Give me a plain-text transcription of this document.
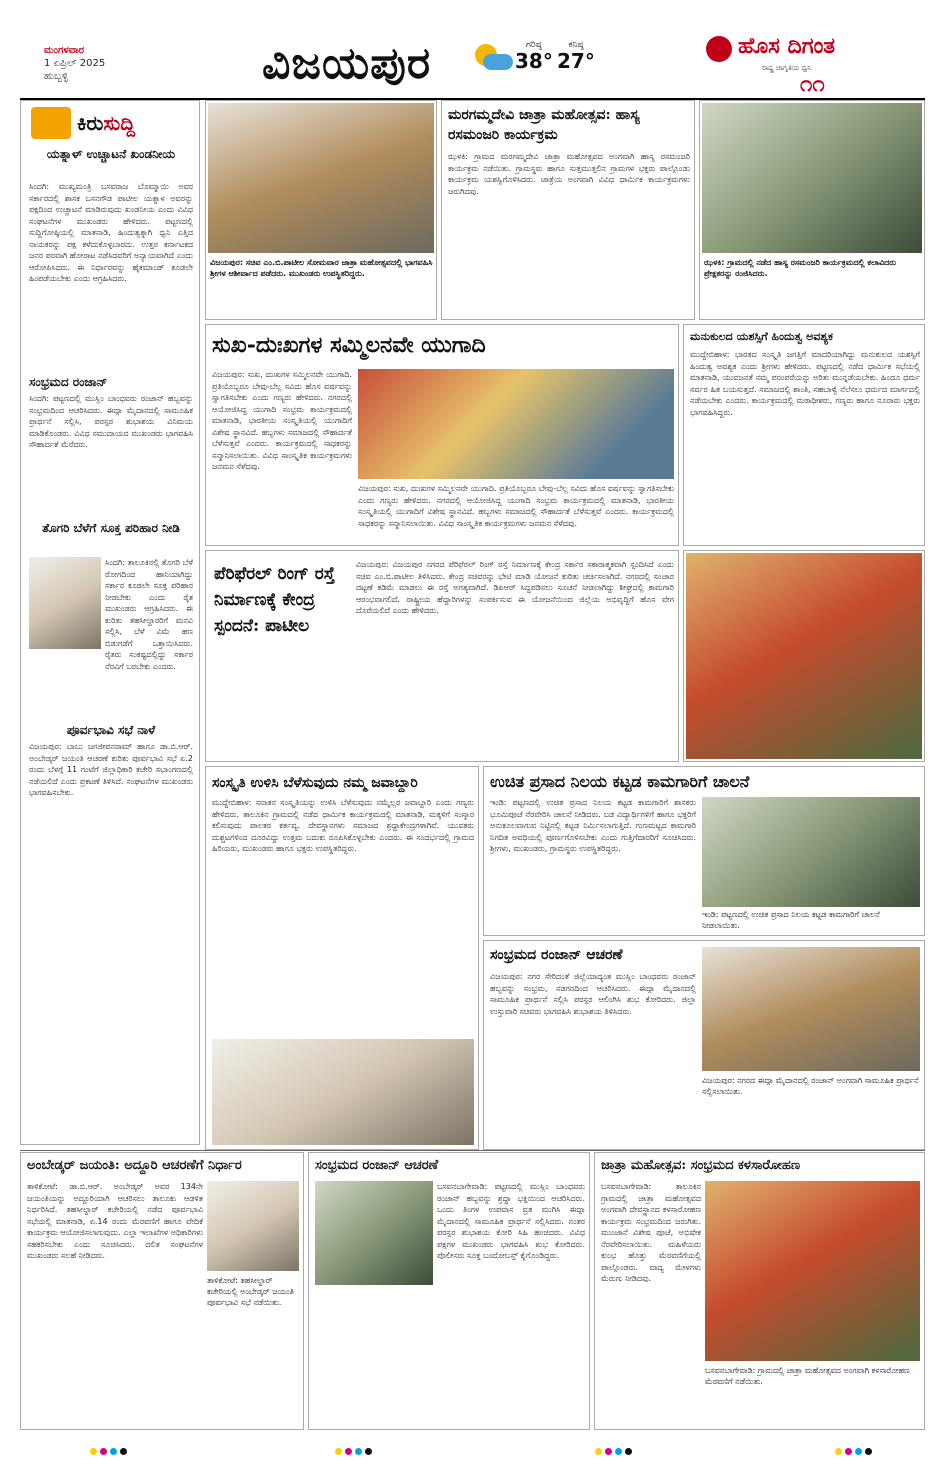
ಮಂಗಳವಾರ
1 ಏಪ್ರಿಲ್ 2025
ಹುಬ್ಬಳ್ಳಿ	ವಿಜಯಪುರ	ಗರಿಷ್ಠ
38°
ಕನಿಷ್ಠ
27°
ಹೊಸ ದಿಗಂತ
ರಾಷ್ಟ್ರ ಜಾಗೃತಿಯ ಧ್ವನಿ
೧೧
ಕಿರುಸುದ್ದಿ
ಯತ್ನಾಳ್ ಉಚ್ಚಾಟನೆ ಖಂಡನೀಯ
ಸಿಂದಗಿ: ಮುಖ್ಯಮಂತ್ರಿ ಬಸವರಾಜ ಬೊಮ್ಮಾಯಿ ಅವರ ಸರ್ಕಾರದಲ್ಲಿ ಶಾಸಕ ಬಸನಗೌಡ ಪಾಟೀಲ ಯತ್ನಾಳ ಅವರನ್ನು ಪಕ್ಷದಿಂದ ಉಚ್ಚಾಟನೆ ಮಾಡಿರುವುದು ಖಂಡನೀಯ ಎಂದು ವಿವಿಧ ಸಂಘಟನೆಗಳ ಮುಖಂಡರು ಹೇಳಿದರು. ಪಟ್ಟಣದಲ್ಲಿ ಸುದ್ದಿಗೋಷ್ಠಿಯಲ್ಲಿ ಮಾತನಾಡಿ, ಹಿಂದುತ್ವಕ್ಕಾಗಿ ಧ್ವನಿ ಎತ್ತಿದ ನಾಯಕರನ್ನು ಪಕ್ಷ ಕಳೆದುಕೊಳ್ಳಬಾರದು. ಉತ್ತರ ಕರ್ನಾಟಕದ ಜನರ ಪರವಾಗಿ ಹೋರಾಟ ನಡೆಸಿದವರಿಗೆ ಅನ್ಯಾಯವಾಗಿದೆ ಎಂದು ಆರೋಪಿಸಿದರು. ಈ ನಿರ್ಧಾರವನ್ನು ಹೈಕಮಾಂಡ್ ಕೂಡಲೇ ಹಿಂಪಡೆಯಬೇಕು ಎಂದು ಆಗ್ರಹಿಸಿದರು.
ಸಂಭ್ರಮದ ರಂಜಾನ್
ಸಿಂದಗಿ: ಪಟ್ಟಣದಲ್ಲಿ ಮುಸ್ಲಿಂ ಬಾಂಧವರು ರಂಜಾನ್ ಹಬ್ಬವನ್ನು ಸಂಭ್ರಮದಿಂದ ಆಚರಿಸಿದರು. ಈದ್ಗಾ ಮೈದಾನದಲ್ಲಿ ಸಾಮೂಹಿಕ ಪ್ರಾರ್ಥನೆ ಸಲ್ಲಿಸಿ, ಪರಸ್ಪರ ಶುಭಾಶಯ ವಿನಿಮಯ ಮಾಡಿಕೊಂಡರು. ವಿವಿಧ ಸಮುದಾಯದ ಮುಖಂಡರು ಭಾಗವಹಿಸಿ ಸೌಹಾರ್ದತೆ ಮೆರೆದರು.
ತೊಗರಿ ಬೆಳೆಗೆ ಸೂಕ್ತ ಪರಿಹಾರ ನೀಡಿ
ಸಿಂದಗಿ: ತಾಲೂಕಿನಲ್ಲಿ ತೊಗರಿ ಬೆಳೆ ರೋಗದಿಂದ ಹಾನಿಯಾಗಿದ್ದು ಸರ್ಕಾರ ಕೂಡಲೇ ಸೂಕ್ತ ಪರಿಹಾರ ನೀಡಬೇಕು ಎಂದು ರೈತ ಮುಖಂಡರು ಆಗ್ರಹಿಸಿದರು. ಈ ಕುರಿತು ತಹಸೀಲ್ದಾರರಿಗೆ ಮನವಿ ಸಲ್ಲಿಸಿ, ಬೆಳೆ ವಿಮೆ ಹಣ ಬಿಡುಗಡೆಗೆ ಒತ್ತಾಯಿಸಿದರು. ರೈತರು ಸಂಕಷ್ಟದಲ್ಲಿದ್ದು ಸರ್ಕಾರ ನೆರವಿಗೆ ಬರಬೇಕು ಎಂದರು.
ಪೂರ್ವಭಾವಿ ಸಭೆ ನಾಳೆ
ವಿಜಯಪುರ: ಬಾಬು ಜಗಜೀವನರಾಮ್ ಹಾಗೂ ಡಾ.ಬಿ.ಆರ್. ಅಂಬೇಡ್ಕರ್ ಜಯಂತಿ ಆಚರಣೆ ಕುರಿತು ಪೂರ್ವಭಾವಿ ಸಭೆ ಏ.2 ರಂದು ಬೆಳಗ್ಗೆ 11 ಗಂಟೆಗೆ ಜಿಲ್ಲಾಧಿಕಾರಿ ಕಚೇರಿ ಸಭಾಂಗಣದಲ್ಲಿ ನಡೆಯಲಿದೆ ಎಂದು ಪ್ರಕಟಣೆ ತಿಳಿಸಿದೆ. ಸಂಘಟನೆಗಳ ಮುಖಂಡರು ಭಾಗವಹಿಸಬೇಕು.
ವಿಜಯಪುರ: ಸಚಿವ ಎಂ.ಬಿ.ಪಾಟೀಲ ಸೋಮವಾರ ಜಾತ್ರಾ ಮಹೋತ್ಸವದಲ್ಲಿ ಭಾಗವಹಿಸಿ ಶ್ರೀಗಳ ಆಶೀರ್ವಾದ ಪಡೆದರು. ಮುಖಂಡರು ಉಪಸ್ಥಿತರಿದ್ದರು.
ಮರಗಮ್ಮದೇವಿ ಜಾತ್ರಾ ಮಹೋತ್ಸವ: ಹಾಸ್ಯ ರಸಮಂಜರಿ ಕಾರ್ಯಕ್ರಮ
ಝಳಕಿ: ಗ್ರಾಮದ ಮರಗಮ್ಮದೇವಿ ಜಾತ್ರಾ ಮಹೋತ್ಸವದ ಅಂಗವಾಗಿ ಹಾಸ್ಯ ರಸಮಂಜರಿ ಕಾರ್ಯಕ್ರಮ ನಡೆಯಿತು. ಗ್ರಾಮಸ್ಥರು ಹಾಗೂ ಸುತ್ತಮುತ್ತಲಿನ ಗ್ರಾಮಗಳ ಭಕ್ತರು ಪಾಲ್ಗೊಂಡು ಕಾರ್ಯಕ್ರಮ ಯಶಸ್ವಿಗೊಳಿಸಿದರು. ಜಾತ್ರೆಯ ಅಂಗವಾಗಿ ವಿವಿಧ ಧಾರ್ಮಿಕ ಕಾರ್ಯಕ್ರಮಗಳು ಜರುಗಿದವು.
ಝಳಕಿ: ಗ್ರಾಮದಲ್ಲಿ ನಡೆದ ಹಾಸ್ಯ ರಸಮಂಜರಿ ಕಾರ್ಯಕ್ರಮದಲ್ಲಿ ಕಲಾವಿದರು ಪ್ರೇಕ್ಷಕರನ್ನು ರಂಜಿಸಿದರು.
ಸುಖ-ದುಃಖಗಳ ಸಮ್ಮಿಲನವೇ ಯುಗಾದಿ
ವಿಜಯಪುರ: ಸುಖ, ದುಃಖಗಳ ಸಮ್ಮಿಲನವೇ ಯುಗಾದಿ. ಪ್ರತಿಯೊಬ್ಬರೂ ಬೇವು-ಬೆಲ್ಲ ಸವಿದು ಹೊಸ ವರ್ಷವನ್ನು ಸ್ವಾಗತಿಸಬೇಕು ಎಂದು ಗಣ್ಯರು ಹೇಳಿದರು. ನಗರದಲ್ಲಿ ಆಯೋಜಿಸಿದ್ದ ಯುಗಾದಿ ಸಂಭ್ರಮ ಕಾರ್ಯಕ್ರಮದಲ್ಲಿ ಮಾತನಾಡಿ, ಭಾರತೀಯ ಸಂಸ್ಕೃತಿಯಲ್ಲಿ ಯುಗಾದಿಗೆ ವಿಶೇಷ ಸ್ಥಾನವಿದೆ. ಹಬ್ಬಗಳು ಸಮಾಜದಲ್ಲಿ ಸೌಹಾರ್ದತೆ ಬೆಳೆಸುತ್ತವೆ ಎಂದರು. ಕಾರ್ಯಕ್ರಮದಲ್ಲಿ ಸಾಧಕರನ್ನು ಸನ್ಮಾನಿಸಲಾಯಿತು. ವಿವಿಧ ಸಾಂಸ್ಕೃತಿಕ ಕಾರ್ಯಕ್ರಮಗಳು ಜನಮನ ಸೆಳೆದವು.
ವಿಜಯಪುರ: ಸುಖ, ದುಃಖಗಳ ಸಮ್ಮಿಲನವೇ ಯುಗಾದಿ. ಪ್ರತಿಯೊಬ್ಬರೂ ಬೇವು-ಬೆಲ್ಲ ಸವಿದು ಹೊಸ ವರ್ಷವನ್ನು ಸ್ವಾಗತಿಸಬೇಕು ಎಂದು ಗಣ್ಯರು ಹೇಳಿದರು. ನಗರದಲ್ಲಿ ಆಯೋಜಿಸಿದ್ದ ಯುಗಾದಿ ಸಂಭ್ರಮ ಕಾರ್ಯಕ್ರಮದಲ್ಲಿ ಮಾತನಾಡಿ, ಭಾರತೀಯ ಸಂಸ್ಕೃತಿಯಲ್ಲಿ ಯುಗಾದಿಗೆ ವಿಶೇಷ ಸ್ಥಾನವಿದೆ. ಹಬ್ಬಗಳು ಸಮಾಜದಲ್ಲಿ ಸೌಹಾರ್ದತೆ ಬೆಳೆಸುತ್ತವೆ ಎಂದರು. ಕಾರ್ಯಕ್ರಮದಲ್ಲಿ ಸಾಧಕರನ್ನು ಸನ್ಮಾನಿಸಲಾಯಿತು. ವಿವಿಧ ಸಾಂಸ್ಕೃತಿಕ ಕಾರ್ಯಕ್ರಮಗಳು ಜನಮನ ಸೆಳೆದವು.
ಮನುಕುಲದ ಯಶಸ್ಸಿಗೆ ಹಿಂದುತ್ವ ಅವಶ್ಯಕ
ಮುದ್ದೇಬಿಹಾಳ: ಭಾರತದ ಸಂಸ್ಕೃತಿ ಜಗತ್ತಿಗೆ ಮಾದರಿಯಾಗಿದ್ದು ಮನುಕುಲದ ಯಶಸ್ಸಿಗೆ ಹಿಂದುತ್ವ ಅವಶ್ಯಕ ಎಂದು ಶ್ರೀಗಳು ಹೇಳಿದರು. ಪಟ್ಟಣದಲ್ಲಿ ನಡೆದ ಧಾರ್ಮಿಕ ಸಭೆಯಲ್ಲಿ ಮಾತನಾಡಿ, ಯುವಜನತೆ ನಮ್ಮ ಪರಂಪರೆಯನ್ನು ಅರಿತು ಮುನ್ನಡೆಯಬೇಕು. ಹಿಂದೂ ಧರ್ಮ ಸರ್ವರ ಹಿತ ಬಯಸುತ್ತದೆ. ಸಮಾಜದಲ್ಲಿ ಶಾಂತಿ, ಸಹಬಾಳ್ವೆ ನೆಲೆಸಲು ಧರ್ಮದ ಮಾರ್ಗದಲ್ಲಿ ನಡೆಯಬೇಕು ಎಂದರು. ಕಾರ್ಯಕ್ರಮದಲ್ಲಿ ಮಠಾಧೀಶರು, ಗಣ್ಯರು ಹಾಗೂ ನೂರಾರು ಭಕ್ತರು ಭಾಗವಹಿಸಿದ್ದರು.
ಪೆರಿಫೆರಲ್ ರಿಂಗ್ ರಸ್ತೆ ನಿರ್ಮಾಣಕ್ಕೆ ಕೇಂದ್ರ ಸ್ಪಂದನೆ: ಪಾಟೀಲ
ವಿಜಯಪುರ: ವಿಜಯಪುರ ನಗರದ ಪೆರಿಫೆರಲ್ ರಿಂಗ್ ರಸ್ತೆ ನಿರ್ಮಾಣಕ್ಕೆ ಕೇಂದ್ರ ಸರ್ಕಾರ ಸಕಾರಾತ್ಮಕವಾಗಿ ಸ್ಪಂದಿಸಿದೆ ಎಂದು ಸಚಿವ ಎಂ.ಬಿ.ಪಾಟೀಲ ತಿಳಿಸಿದರು. ಕೇಂದ್ರ ಸಚಿವರನ್ನು ಭೇಟಿ ಮಾಡಿ ಯೋಜನೆ ಕುರಿತು ಚರ್ಚಿಸಲಾಗಿದೆ. ನಗರದಲ್ಲಿ ಸಂಚಾರ ದಟ್ಟಣೆ ಕಡಿಮೆ ಮಾಡಲು ಈ ರಸ್ತೆ ಅಗತ್ಯವಾಗಿದೆ. ಡಿಪಿಆರ್ ಸಿದ್ಧಪಡಿಸಲು ಸೂಚನೆ ನೀಡಲಾಗಿದ್ದು ಶೀಘ್ರದಲ್ಲಿ ಕಾಮಗಾರಿ ಆರಂಭವಾಗಲಿದೆ. ರಾಷ್ಟ್ರೀಯ ಹೆದ್ದಾರಿಗಳನ್ನು ಸಂಪರ್ಕಿಸುವ ಈ ಯೋಜನೆಯಿಂದ ಜಿಲ್ಲೆಯ ಅಭಿವೃದ್ಧಿಗೆ ಹೊಸ ವೇಗ ದೊರೆಯಲಿದೆ ಎಂದು ಹೇಳಿದರು.
ಸಂಸ್ಕೃತಿ ಉಳಿಸಿ ಬೆಳೆಸುವುದು ನಮ್ಮ ಜವಾಬ್ದಾರಿ
ಮುದ್ದೇಬಿಹಾಳ: ಸನಾತನ ಸಂಸ್ಕೃತಿಯನ್ನು ಉಳಿಸಿ ಬೆಳೆಸುವುದು ನಮ್ಮೆಲ್ಲರ ಜವಾಬ್ದಾರಿ ಎಂದು ಗಣ್ಯರು ಹೇಳಿದರು. ತಾಲೂಕಿನ ಗ್ರಾಮದಲ್ಲಿ ನಡೆದ ಧಾರ್ಮಿಕ ಕಾರ್ಯಕ್ರಮದಲ್ಲಿ ಮಾತನಾಡಿ, ಮಕ್ಕಳಿಗೆ ಸಂಸ್ಕಾರ ಕಲಿಸುವುದು ಪಾಲಕರ ಕರ್ತವ್ಯ. ದೇವಸ್ಥಾನಗಳು ಸಮಾಜದ ಶ್ರದ್ಧಾಕೇಂದ್ರಗಳಾಗಿವೆ. ಯುವಕರು ದುಶ್ಚಟಗಳಿಂದ ದೂರವಿದ್ದು ಉತ್ತಮ ಬದುಕು ರೂಪಿಸಿಕೊಳ್ಳಬೇಕು ಎಂದರು. ಈ ಸಂದರ್ಭದಲ್ಲಿ ಗ್ರಾಮದ ಹಿರಿಯರು, ಮುಖಂಡರು ಹಾಗೂ ಭಕ್ತರು ಉಪಸ್ಥಿತರಿದ್ದರು.
ಉಚಿತ ಪ್ರಸಾದ ನಿಲಯ ಕಟ್ಟಡ ಕಾಮಗಾರಿಗೆ ಚಾಲನೆ
ಇಂಡಿ: ಪಟ್ಟಣದಲ್ಲಿ ಉಚಿತ ಪ್ರಸಾದ ನಿಲಯ ಕಟ್ಟಡ ಕಾಮಗಾರಿಗೆ ಶಾಸಕರು ಭೂಮಿಪೂಜೆ ನೆರವೇರಿಸಿ ಚಾಲನೆ ನೀಡಿದರು. ಬಡ ವಿದ್ಯಾರ್ಥಿಗಳಿಗೆ ಹಾಗೂ ಭಕ್ತರಿಗೆ ಅನುಕೂಲವಾಗುವ ನಿಟ್ಟಿನಲ್ಲಿ ಕಟ್ಟಡ ನಿರ್ಮಿಸಲಾಗುತ್ತಿದೆ. ಗುಣಮಟ್ಟದ ಕಾಮಗಾರಿ ನಿಗದಿತ ಅವಧಿಯಲ್ಲಿ ಪೂರ್ಣಗೊಳಿಸಬೇಕು ಎಂದು ಗುತ್ತಿಗೆದಾರರಿಗೆ ಸೂಚಿಸಿದರು. ಶ್ರೀಗಳು, ಮುಖಂಡರು, ಗ್ರಾಮಸ್ಥರು ಉಪಸ್ಥಿತರಿದ್ದರು.
ಇಂಡಿ: ಪಟ್ಟಣದಲ್ಲಿ ಉಚಿತ ಪ್ರಸಾದ ನಿಲಯ ಕಟ್ಟಡ ಕಾಮಗಾರಿಗೆ ಚಾಲನೆ ನೀಡಲಾಯಿತು.
ಸಂಭ್ರಮದ ರಂಜಾನ್ ಆಚರಣೆ
ವಿಜಯಪುರ: ನಗರ ಸೇರಿದಂತೆ ಜಿಲ್ಲೆಯಾದ್ಯಂತ ಮುಸ್ಲಿಂ ಬಾಂಧವರು ರಂಜಾನ್ ಹಬ್ಬವನ್ನು ಸಂಭ್ರಮ, ಸಡಗರದಿಂದ ಆಚರಿಸಿದರು. ಈದ್ಗಾ ಮೈದಾನದಲ್ಲಿ ಸಾಮೂಹಿಕ ಪ್ರಾರ್ಥನೆ ಸಲ್ಲಿಸಿ ಪರಸ್ಪರ ಆಲಿಂಗಿಸಿ ಶುಭ ಕೋರಿದರು. ಜಿಲ್ಲಾ ಉಸ್ತುವಾರಿ ಸಚಿವರು ಭಾಗವಹಿಸಿ ಶುಭಾಶಯ ತಿಳಿಸಿದರು.
ವಿಜಯಪುರ: ನಗರದ ಈದ್ಗಾ ಮೈದಾನದಲ್ಲಿ ರಂಜಾನ್ ಅಂಗವಾಗಿ ಸಾಮೂಹಿಕ ಪ್ರಾರ್ಥನೆ ಸಲ್ಲಿಸಲಾಯಿತು.
ಅಂಬೇಡ್ಕರ್ ಜಯಂತಿ: ಅದ್ದೂರಿ ಆಚರಣೆಗೆ ನಿರ್ಧಾರ
ತಾಳಿಕೋಟೆ: ಡಾ.ಬಿ.ಆರ್. ಅಂಬೇಡ್ಕರ್ ಅವರ 134ನೇ ಜಯಂತಿಯನ್ನು ಅದ್ದೂರಿಯಾಗಿ ಆಚರಿಸಲು ತಾಲೂಕು ಆಡಳಿತ ನಿರ್ಧರಿಸಿದೆ. ತಹಸೀಲ್ದಾರ್ ಕಚೇರಿಯಲ್ಲಿ ನಡೆದ ಪೂರ್ವಭಾವಿ ಸಭೆಯಲ್ಲಿ ಮಾತನಾಡಿ, ಏ.14 ರಂದು ಮೆರವಣಿಗೆ ಹಾಗೂ ವೇದಿಕೆ ಕಾರ್ಯಕ್ರಮ ಆಯೋಜಿಸಲಾಗುವುದು. ಎಲ್ಲಾ ಇಲಾಖೆಗಳ ಅಧಿಕಾರಿಗಳು ಸಹಕರಿಸಬೇಕು ಎಂದು ಸೂಚಿಸಿದರು. ದಲಿತ ಸಂಘಟನೆಗಳ ಮುಖಂಡರು ಸಲಹೆ ನೀಡಿದರು.
ತಾಳಿಕೋಟೆ: ತಹಸೀಲ್ದಾರ್ ಕಚೇರಿಯಲ್ಲಿ ಅಂಬೇಡ್ಕರ್ ಜಯಂತಿ ಪೂರ್ವಭಾವಿ ಸಭೆ ನಡೆಯಿತು.
ಸಂಭ್ರಮದ ರಂಜಾನ್ ಆಚರಣೆ
ಬಸವನಬಾಗೇವಾಡಿ: ಪಟ್ಟಣದಲ್ಲಿ ಮುಸ್ಲಿಂ ಬಾಂಧವರು ರಂಜಾನ್ ಹಬ್ಬವನ್ನು ಶ್ರದ್ಧಾ ಭಕ್ತಿಯಿಂದ ಆಚರಿಸಿದರು. ಒಂದು ತಿಂಗಳ ಉಪವಾಸ ವ್ರತ ಮುಗಿಸಿ ಈದ್ಗಾ ಮೈದಾನದಲ್ಲಿ ಸಾಮೂಹಿಕ ಪ್ರಾರ್ಥನೆ ಸಲ್ಲಿಸಿದರು. ನಂತರ ಪರಸ್ಪರ ಶುಭಾಶಯ ಕೋರಿ ಸಿಹಿ ಹಂಚಿದರು. ವಿವಿಧ ಪಕ್ಷಗಳ ಮುಖಂಡರು ಭಾಗವಹಿಸಿ ಶುಭ ಕೋರಿದರು. ಪೊಲೀಸರು ಸೂಕ್ತ ಬಂದೋಬಸ್ತ್ ಕೈಗೊಂಡಿದ್ದರು.
ಜಾತ್ರಾ ಮಹೋತ್ಸವ: ಸಂಭ್ರಮದ ಕಳಸಾರೋಹಣ
ಬಸವನಬಾಗೇವಾಡಿ: ತಾಲೂಕಿನ ಗ್ರಾಮದಲ್ಲಿ ಜಾತ್ರಾ ಮಹೋತ್ಸವದ ಅಂಗವಾಗಿ ದೇವಸ್ಥಾನದ ಕಳಸಾರೋಹಣ ಕಾರ್ಯಕ್ರಮ ಸಂಭ್ರಮದಿಂದ ಜರುಗಿತು. ಮುಂಜಾನೆ ವಿಶೇಷ ಪೂಜೆ, ಅಭಿಷೇಕ ನೆರವೇರಿಸಲಾಯಿತು. ಮಹಿಳೆಯರು ಕುಂಭ ಹೊತ್ತು ಮೆರವಣಿಗೆಯಲ್ಲಿ ಪಾಲ್ಗೊಂಡರು. ವಾದ್ಯ ಮೇಳಗಳು ಮೆರುಗು ನೀಡಿದವು.
ಬಸವನಬಾಗೇವಾಡಿ: ಗ್ರಾಮದಲ್ಲಿ ಜಾತ್ರಾ ಮಹೋತ್ಸವದ ಅಂಗವಾಗಿ ಕಳಸಾರೋಹಣ ಮೆರವಣಿಗೆ ನಡೆಯಿತು.
